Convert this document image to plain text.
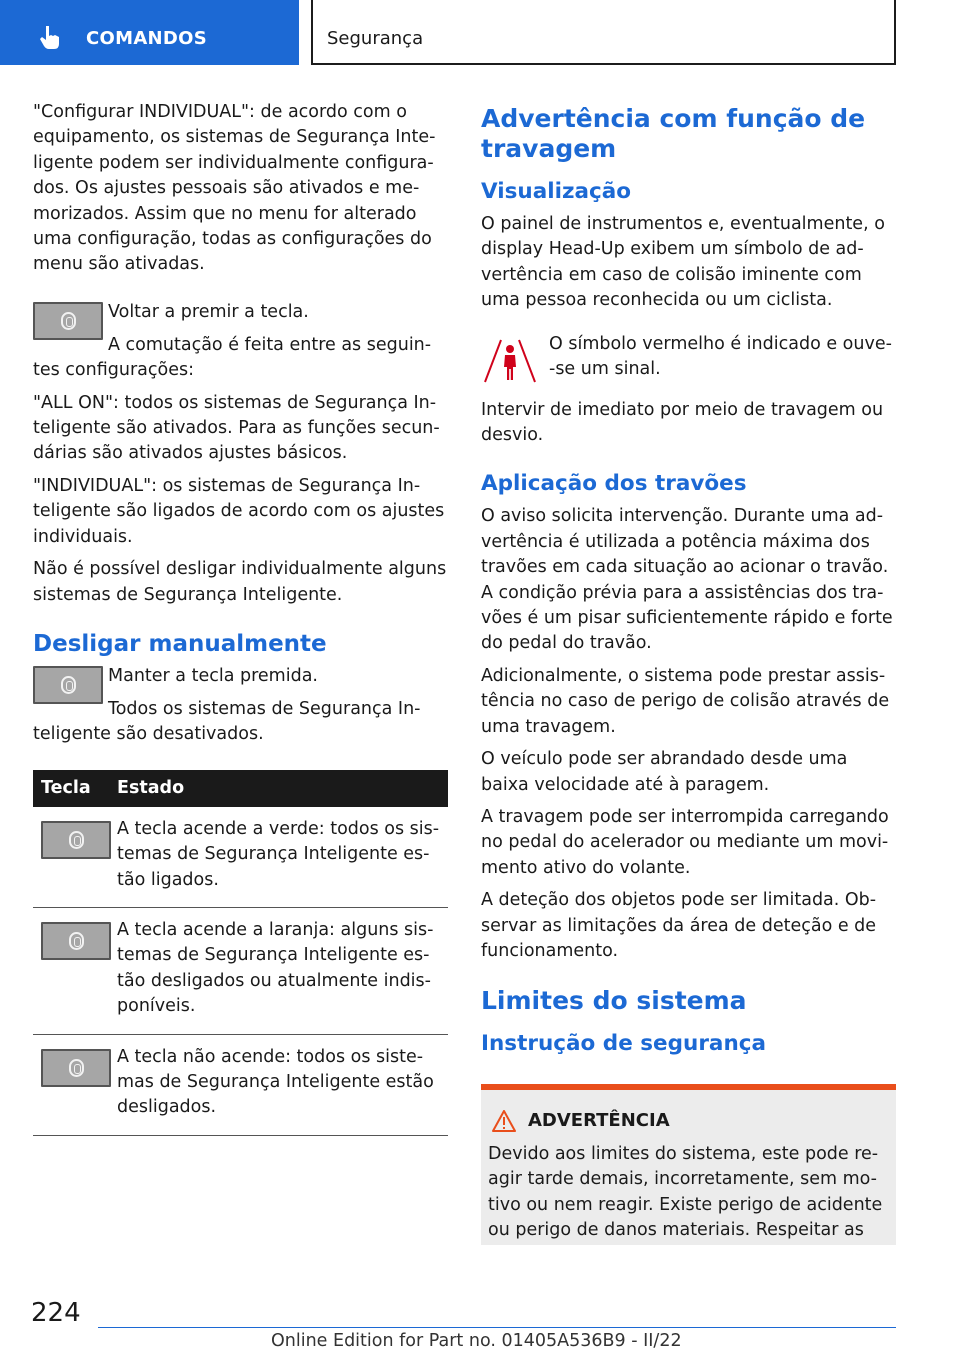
COMANDOS	Segurança

"Configurar INDIVIDUAL": de acordo com o equipamento, os sistemas de Segurança Inte-ligente podem ser individualmente configura-dos. Os ajustes pessoais são ativados e me-morizados. Assim que no menu for alterado uma configuração, todas as configurações do menu são ativadas.

Voltar a premir a tecla.

A comutação é feita entre as seguin-tes configurações:

"ALL ON": todos os sistemas de Segurança In-teligente são ativados. Para as funções secun-dárias são ativados ajustes básicos.

"INDIVIDUAL": os sistemas de Segurança In-teligente são ligados de acordo com os ajustes individuais.

Não é possível desligar individualmente alguns sistemas de Segurança Inteligente.

Desligar manualmente

Manter a tecla premida.

Todos os sistemas de Segurança In-teligente são desativados.

Tecla	Estado
A tecla acende a verde: todos os sis-temas de Segurança Inteligente es-tão ligados.
A tecla acende a laranja: alguns sis-temas de Segurança Inteligente es-tão desligados ou atualmente indis-poníveis.
A tecla não acende: todos os siste-mas de Segurança Inteligente estão desligados.
Advertência com função de travagem
Visualização

O painel de instrumentos e, eventualmente, o display Head-Up exibem um símbolo de ad-vertência em caso de colisão iminente com uma pessoa reconhecida ou um ciclista.

O símbolo vermelho é indicado e ouve--se um sinal.

Intervir de imediato por meio de travagem ou desvio.

Aplicação dos travões

O aviso solicita intervenção. Durante uma ad-vertência é utilizada a potência máxima dos travões em cada situação ao acionar o travão. A condição prévia para a assistências dos tra-vões é um pisar suficientemente rápido e forte do pedal do travão.

Adicionalmente, o sistema pode prestar assis-tência no caso de perigo de colisão através de uma travagem.

O veículo pode ser abrandado desde uma baixa velocidade até à paragem.

A travagem pode ser interrompida carregando no pedal do acelerador ou mediante um movi-mento ativo do volante.

A deteção dos objetos pode ser limitada. Ob-servar as limitações da área de deteção e de funcionamento.

Limites do sistema
Instrução de segurança
ADVERTÊNCIA

Devido aos limites do sistema, este pode re-agir tarde demais, incorretamente, sem mo-tivo ou nem reagir. Existe perigo de acidente ou perigo de danos materiais. Respeitar as

224
Online Edition for Part no. 01405A536B9 - II/22
